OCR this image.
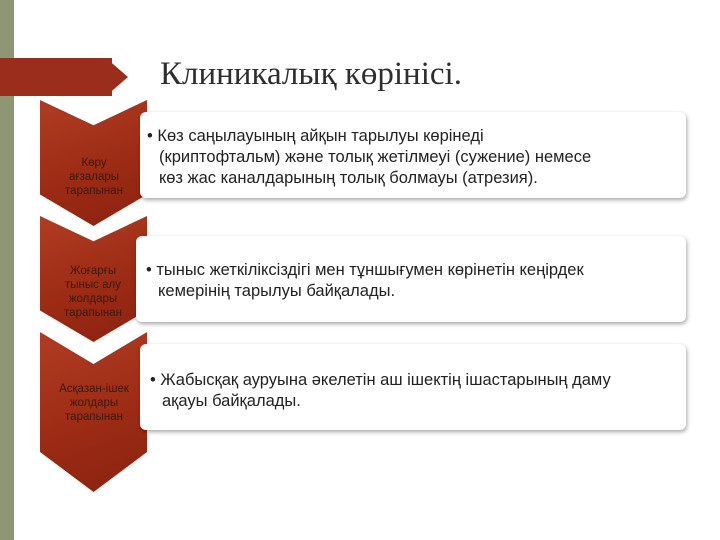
Клиникалық көрінісі.
Көру
ағзалары
тарапынан
Жоғарғы
тыныс алу
жолдары
тарапынан
Асқазан-ішек
жолдары
тарапынан
• Көз саңылауының айқын тарылуы көрінеді
(криптофтальм) және толық жетілмеуі (сужение) немесе
көз жас каналдарының толық болмауы (атрезия).
• тыныс жеткіліксіздігі мен тұншығумен көрінетін кеңірдек
кемерінің тарылуы байқалады.
• Жабысқақ ауруына әкелетін аш ішектің ішастарының даму
ақауы байқалады.
